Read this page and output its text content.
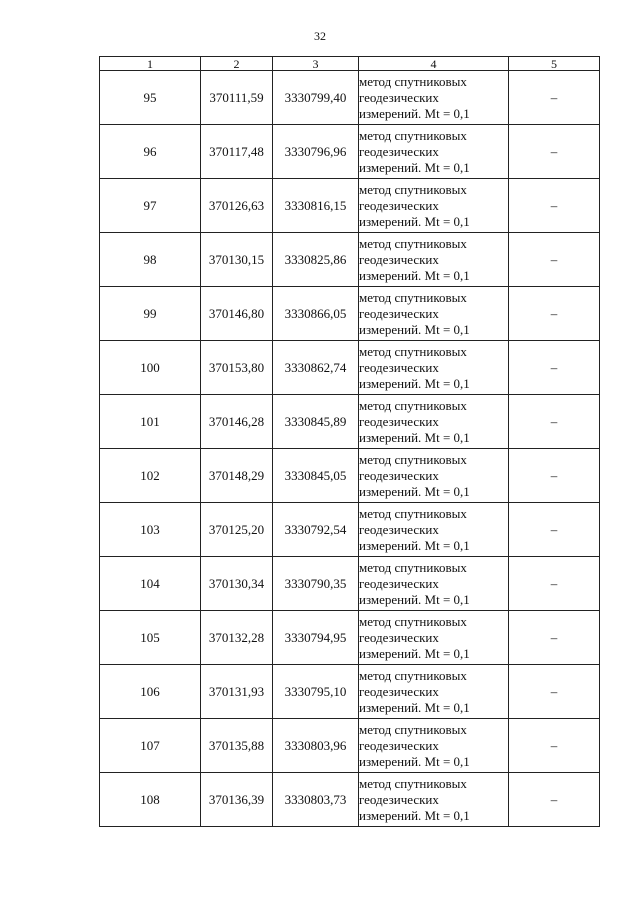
32
1	2	3	4	5
95	370111,59	3330799,40	метод спутниковых
геодезических
измерений. Mt = 0,1	–
96	370117,48	3330796,96	метод спутниковых
геодезических
измерений. Mt = 0,1	–
97	370126,63	3330816,15	метод спутниковых
геодезических
измерений. Mt = 0,1	–
98	370130,15	3330825,86	метод спутниковых
геодезических
измерений. Mt = 0,1	–
99	370146,80	3330866,05	метод спутниковых
геодезических
измерений. Mt = 0,1	–
100	370153,80	3330862,74	метод спутниковых
геодезических
измерений. Mt = 0,1	–
101	370146,28	3330845,89	метод спутниковых
геодезических
измерений. Mt = 0,1	–
102	370148,29	3330845,05	метод спутниковых
геодезических
измерений. Mt = 0,1	–
103	370125,20	3330792,54	метод спутниковых
геодезических
измерений. Mt = 0,1	–
104	370130,34	3330790,35	метод спутниковых
геодезических
измерений. Mt = 0,1	–
105	370132,28	3330794,95	метод спутниковых
геодезических
измерений. Mt = 0,1	–
106	370131,93	3330795,10	метод спутниковых
геодезических
измерений. Mt = 0,1	–
107	370135,88	3330803,96	метод спутниковых
геодезических
измерений. Mt = 0,1	–
108	370136,39	3330803,73	метод спутниковых
геодезических
измерений. Mt = 0,1	–
